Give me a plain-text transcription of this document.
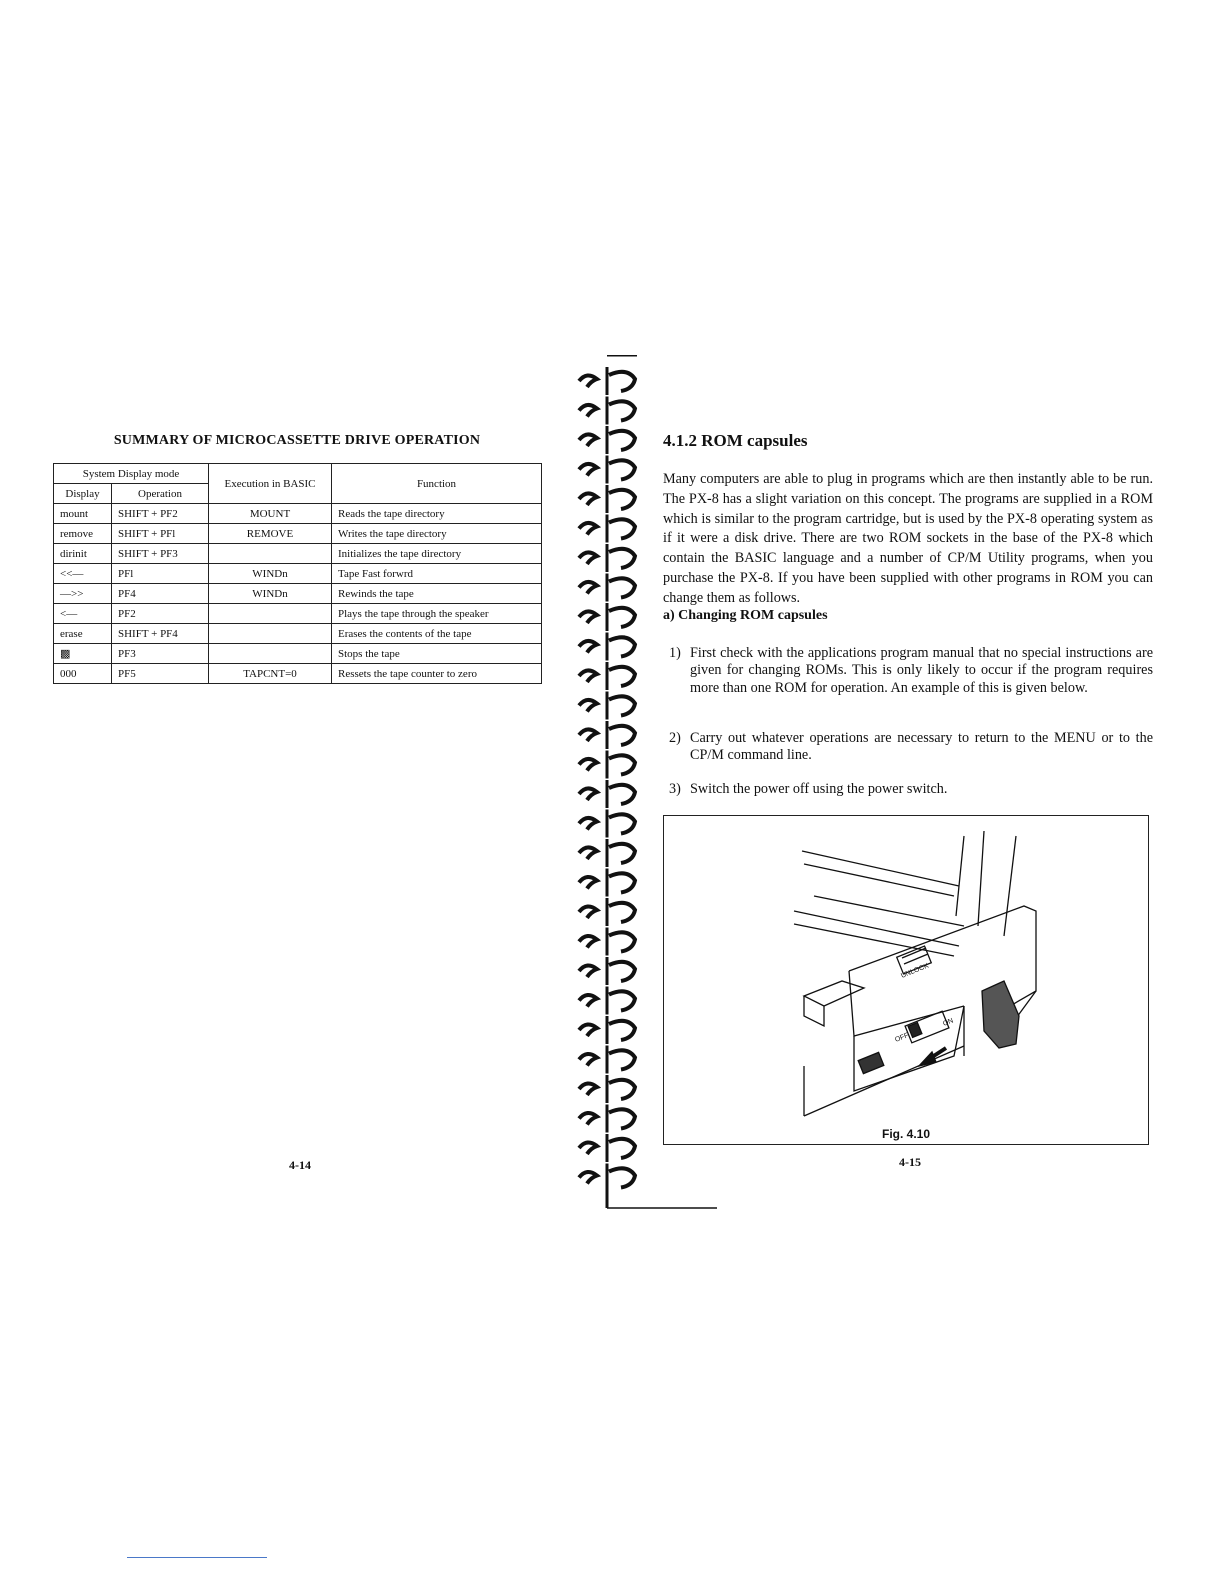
SUMMARY OF MICROCASSETTE DRIVE OPERATION
System Display mode		Execution in BASIC	Function
Display	Operation		
mount	SHIFT + PF2	MOUNT	Reads the tape directory
remove	SHIFT + PFl	REMOVE	Writes the tape directory
dirinit	SHIFT + PF3		Initializes the tape directory
<<—	PFl	WINDn	Tape Fast forwrd
—>>	PF4	WINDn	Rewinds the tape
<—	PF2		Plays the tape through the speaker
erase	SHIFT + PF4		Erases the contents of the tape
▩	PF3		Stops the tape
000	PF5	TAPCNT=0	Ressets the tape counter to zero
4-14
4.1.2 ROM capsules
Many computers are able to plug in programs which are then instantly able to be run. The PX-8 has a slight variation on this concept. The programs are supplied in a ROM which is similar to the program cartridge, but is used by the PX-8 operating system as if it were a disk drive. There are two ROM sockets in the base of the PX-8 which contain the BASIC language and a number of CP/M Utility programs, when you purchase the PX-8. If you have been supplied with other programs in ROM you can change them as follows.
a) Changing ROM capsules
1) First check with the applications program manual that no special instructions are given for changing ROMs. This is only likely to occur if the program requires more than one ROM for operation. An example of this is given below.
2) Carry out whatever operations are necessary to return to the MENU or to the CP/M command line.
3) Switch the power off using the power switch.
UNLOCK
OFF
ON
Fig. 4.10
4-15
